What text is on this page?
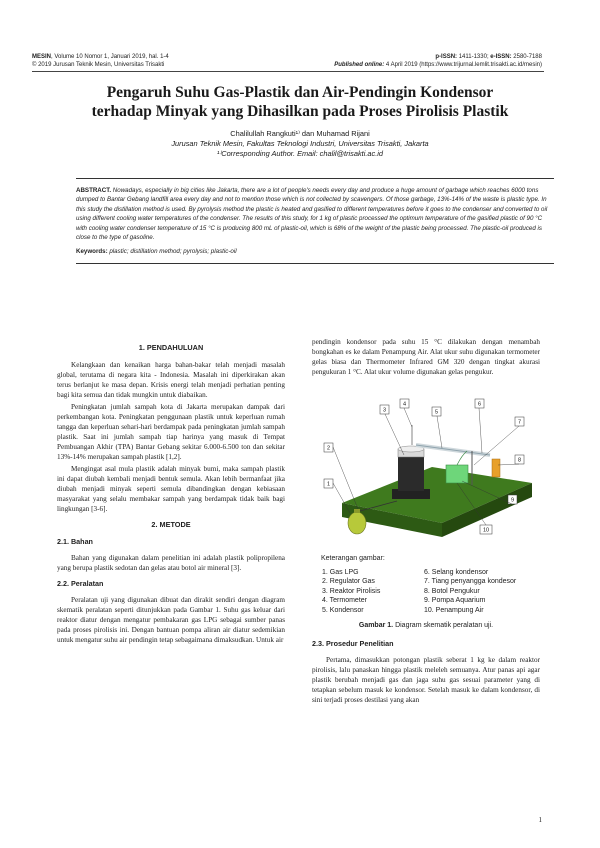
MESIN, Volume 10 Nomor 1, Januari 2019, hal. 1-4
© 2019 Jurusan Teknik Mesin, Universitas Trisakti
p-ISSN: 1411-1330; e-ISSN: 2580-7188
Published online: 4 April 2019 (https://www.trijurnal.lemlit.trisakti.ac.id/mesin)
Pengaruh Suhu Gas-Plastik dan Air-Pendingin Kondensor
terhadap Minyak yang Dihasilkan pada Proses Pirolisis Plastik
Chalilullah Rangkuti¹⁾ dan Muhamad Rijani
Jurusan Teknik Mesin, Fakultas Teknologi Industri, Universitas Trisakti, Jakarta
¹⁾Corresponding Author. Email: chalil@trisakti.ac.id
ABSTRACT. Nowadays, especially in big cities like Jakarta, there are a lot of people's needs every day and produce a huge amount of garbage which reaches 6000 tons dumped to Bantar Gebang landfill area every day and not to mention those which is not collected by scavengers. Of those garbage, 13%-14% of the waste is plastic type. In this study the distillation method is used. By pyrolysis method the plastic is heated and gasified to different temperatures before it goes to the condenser and converted to oil using different cooling water temperatures of the condenser. The results of this study, for 1 kg of plastic processed the optimum temperature of the gasified plastic of 90 °C with cooling water condenser temperature of 15 °C is producing 800 mL of plastic-oil, which is 68% of the weight of the plastic being processed. The plastic-oil produced is close to the type of gasoline.
Keywords: plastic; distillation method; pyrolysis; plastic-oil
1. PENDAHULUAN

Kelangkaan dan kenaikan harga bahan-bakar telah menjadi masalah global, terutama di negara kita - Indonesia. Masalah ini diperkirakan akan terus berlanjut ke masa depan. Krisis energi telah menjadi perhatian penting bagi kita semua dan tidak mungkin untuk diabaikan.

Peningkatan jumlah sampah kota di Jakarta merupakan dampak dari perkembangan kota. Peningkatan penggunaan plastik untuk keperluan rumah tangga dan keperluan sehari-hari berdampak pada peningkatan jumlah sampah plastik. Saat ini jumlah sampah tiap harinya yang masuk di Tempat Pembuangan Akhir (TPA) Bantar Gebang sekitar 6.000-6.500 ton dan sekitar 13%-14% merupakan sampah plastik [1,2].

Mengingat asal mula plastik adalah minyak bumi, maka sampah plastik ini dapat diubah kembali menjadi bentuk semula. Akan lebih bermanfaat jika diubah menjadi minyak seperti semula dibandingkan dengan kebiasaan masyarakat yang selalu membakar sampah yang berdampak tidak baik bagi lingkungan [3-6].

2. METODE
2.1. Bahan

Bahan yang digunakan dalam penelitian ini adalah plastik polipropilena yang berupa plastik sedotan dan gelas atau botol air mineral [3].

2.2. Peralatan

Peralatan uji yang digunakan dibuat dan dirakit sendiri dengan diagram skematik peralatan seperti ditunjukkan pada Gambar 1. Suhu gas keluar dari reaktor diatur dengan mengatur pembakaran gas LPG sebagai sumber panas pada proses pirolisis ini. Dengan bantuan pompa aliran air diatur sedemikian untuk mengatur suhu air pendingin tetap sebagaimana dimaksudkan. Untuk air

pendingin kondensor pada suhu 15 °C dilakukan dengan menambah bongkahan es ke dalam Penampung Air. Alat ukur suhu digunakan termometer gelas biasa dan Thermometer Infrared GM 320 dengan tingkat akurasi pengukuran 1 °C. Alat ukur volume digunakan gelas pengukur.

1
2
3
4
5
6
7
8
9
10
Keterangan gambar:
1. Gas LPG	6. Selang kondensor
2. Regulator Gas	7. Tiang penyangga kondesor
3. Reaktor Pirolisis	8. Botol Pengukur
4. Termometer	9. Pompa Aquarium
5. Kondensor	10. Penampung Air
Gambar 1. Diagram skematik peralatan uji.
2.3. Prosedur Penelitian

Pertama, dimasukkan potongan plastik seberat 1 kg ke dalam reaktor pirolisis, lalu panaskan hingga plastik meleleh semuanya. Atur panas api agar plastik berubah menjadi gas dan jaga suhu gas sesuai parameter yang di tetapkan sebelum masuk ke kondensor. Setelah masuk ke dalam kondensor, di sini terjadi proses destilasi yang akan

1
